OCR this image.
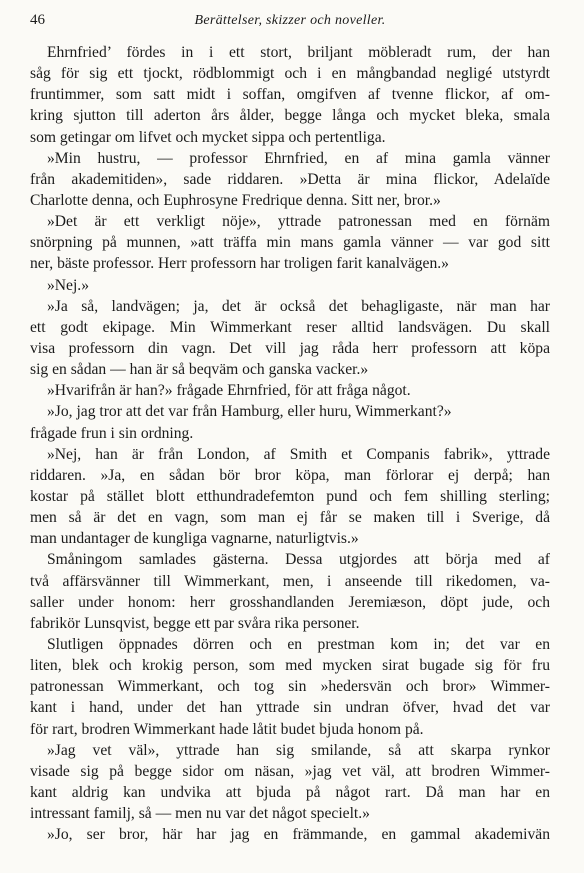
46	Berättelser, skizzer och noveller.
Ehrnfried’ fördes in i ett stort, briljant möbleradt rum, der han
såg för sig ett tjockt, rödblommigt och i en mångbandad negligé utstyrdt
fruntimmer, som satt midt i soffan, omgifven af tvenne flickor, af om-
kring sjutton till aderton års ålder, begge långa och mycket bleka, smala
som getingar om lifvet och mycket sippa och pertentliga.
»Min hustru, — professor Ehrnfried, en af mina gamla vänner
från akademitiden», sade riddaren. »Detta är mina flickor, Adelaïde
Charlotte denna, och Euphrosyne Fredrique denna. Sitt ner, bror.»
»Det är ett verkligt nöje», yttrade patronessan med en förnäm
snörpning på munnen, »att träffa min mans gamla vänner — var god sitt
ner, bäste professor. Herr professorn har troligen farit kanalvägen.»
»Nej.»
»Ja så, landvägen; ja, det är också det behagligaste, när man har
ett godt ekipage. Min Wimmerkant reser alltid landsvägen. Du skall
visa professorn din vagn. Det vill jag råda herr professorn att köpa
sig en sådan — han är så beqväm och ganska vacker.»
»Hvarifrån är han?» frågade Ehrnfried, för att fråga något.
»Jo, jag tror att det var från Hamburg, eller huru, Wimmerkant?»
frågade frun i sin ordning.
»Nej, han är från London, af Smith et Companis fabrik», yttrade
riddaren. »Ja, en sådan bör bror köpa, man förlorar ej derpå; han
kostar på stället blott etthundradefemton pund och fem shilling sterling;
men så är det en vagn, som man ej får se maken till i Sverige, då
man undantager de kungliga vagnarne, naturligtvis.»
Småningom samlades gästerna. Dessa utgjordes att börja med af
två affärsvänner till Wimmerkant, men, i anseende till rikedomen, va-
saller under honom: herr grosshandlanden Jeremiæson, döpt jude, och
fabrikör Lunsqvist, begge ett par svåra rika personer.
Slutligen öppnades dörren och en prestman kom in; det var en
liten, blek och krokig person, som med mycken sirat bugade sig för fru
patronessan Wimmerkant, och tog sin »hedersvän och bror» Wimmer-
kant i hand, under det han yttrade sin undran öfver, hvad det var
för rart, brodren Wimmerkant hade låtit budet bjuda honom på.
»Jag vet väl», yttrade han sig smilande, så att skarpa rynkor
visade sig på begge sidor om näsan, »jag vet väl, att brodren Wimmer-
kant aldrig kan undvika att bjuda på något rart. Då man har en
intressant familj, så — men nu var det något specielt.»
»Jo, ser bror, här har jag en främmande, en gammal akademivän
